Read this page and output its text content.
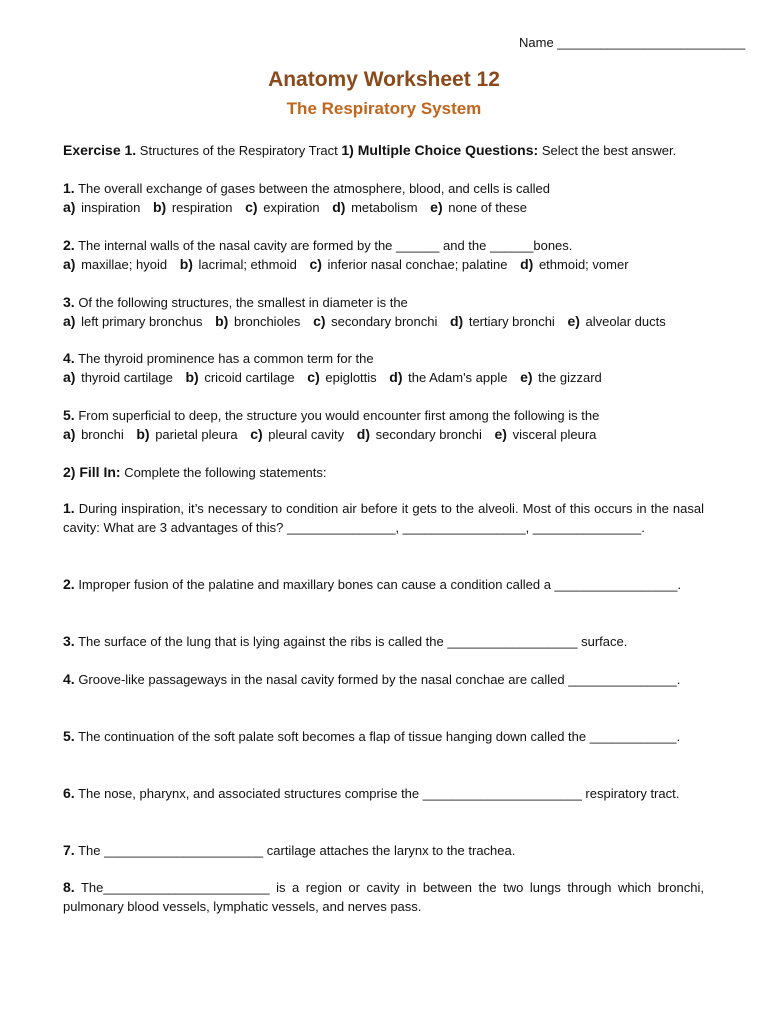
Name __________________________
Anatomy Worksheet 12
The Respiratory System
Exercise 1. Structures of the Respiratory Tract 1) Multiple Choice Questions: Select the best answer.
1. The overall exchange of gases between the atmosphere, blood, and cells is called
a) inspiration b) respiration c) expiration d) metabolism e) none of these
2. The internal walls of the nasal cavity are formed by the ______ and the ______bones.
a) maxillae; hyoid b) lacrimal; ethmoid c) inferior nasal conchae; palatine d) ethmoid; vomer
3. Of the following structures, the smallest in diameter is the
a) left primary bronchus b) bronchioles c) secondary bronchi d) tertiary bronchi e) alveolar ducts
4. The thyroid prominence has a common term for the
a) thyroid cartilage b) cricoid cartilage c) epiglottis d) the Adam's apple e) the gizzard
5. From superficial to deep, the structure you would encounter first among the following is the
a) bronchi b) parietal pleura c) pleural cavity d) secondary bronchi e) visceral pleura
2) Fill In: Complete the following statements:
1. During inspiration, it’s necessary to condition air before it gets to the alveoli. Most of this occurs in the nasal cavity: What are 3 advantages of this? _______________, _________________, _______________.
2. Improper fusion of the palatine and maxillary bones can cause a condition called a _________________.
3. The surface of the lung that is lying against the ribs is called the __________________ surface.
4. Groove-like passageways in the nasal cavity formed by the nasal conchae are called _______________.
5. The continuation of the soft palate soft becomes a flap of tissue hanging down called the ____________.
6. The nose, pharynx, and associated structures comprise the ______________________ respiratory tract.
7. The ______________________ cartilage attaches the larynx to the trachea.
8. The_______________________ is a region or cavity in between the two lungs through which bronchi, pulmonary blood vessels, lymphatic vessels, and nerves pass.
